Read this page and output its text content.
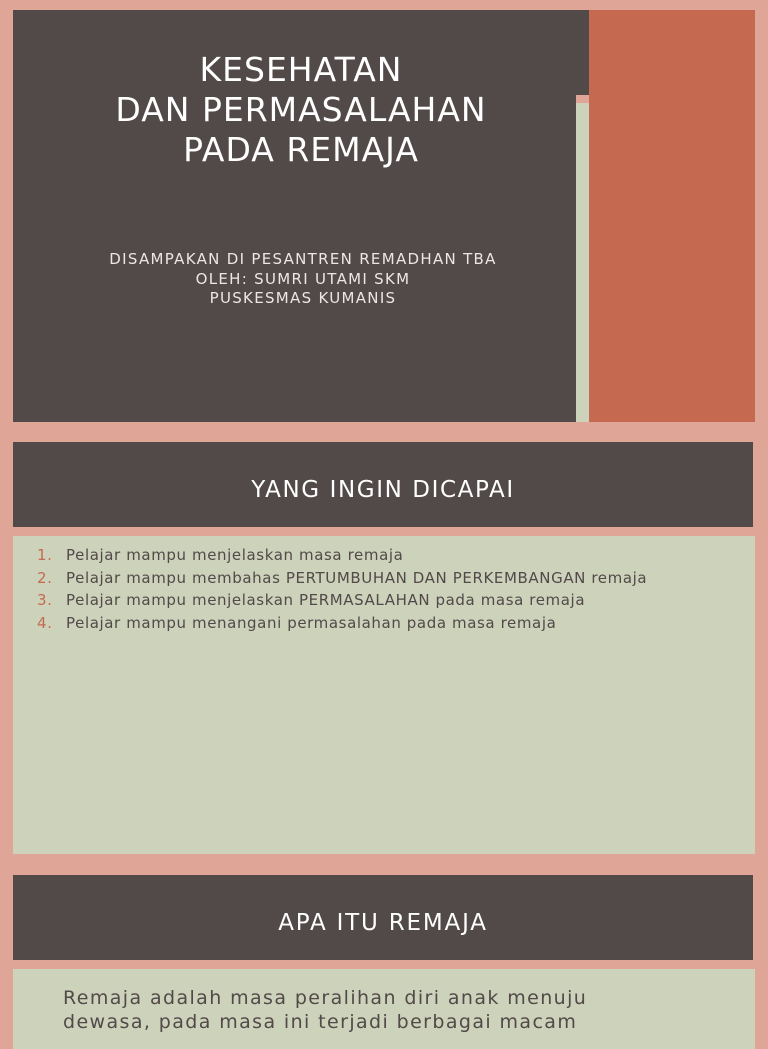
KESEHATAN
DAN PERMASALAHAN
PADA REMAJA
DISAMPAKAN DI PESANTREN REMADHAN TBA
OLEH: SUMRI UTAMI SKM
PUSKESMAS KUMANIS
YANG INGIN DICAPAI
1. Pelajar mampu menjelaskan masa remaja
2. Pelajar mampu membahas PERTUMBUHAN DAN PERKEMBANGAN remaja
3. Pelajar mampu menjelaskan PERMASALAHAN pada masa remaja
4. Pelajar mampu menangani permasalahan pada masa remaja
APA ITU REMAJA
Remaja adalah masa peralihan diri anak menuju
dewasa, pada masa ini terjadi berbagai macam
